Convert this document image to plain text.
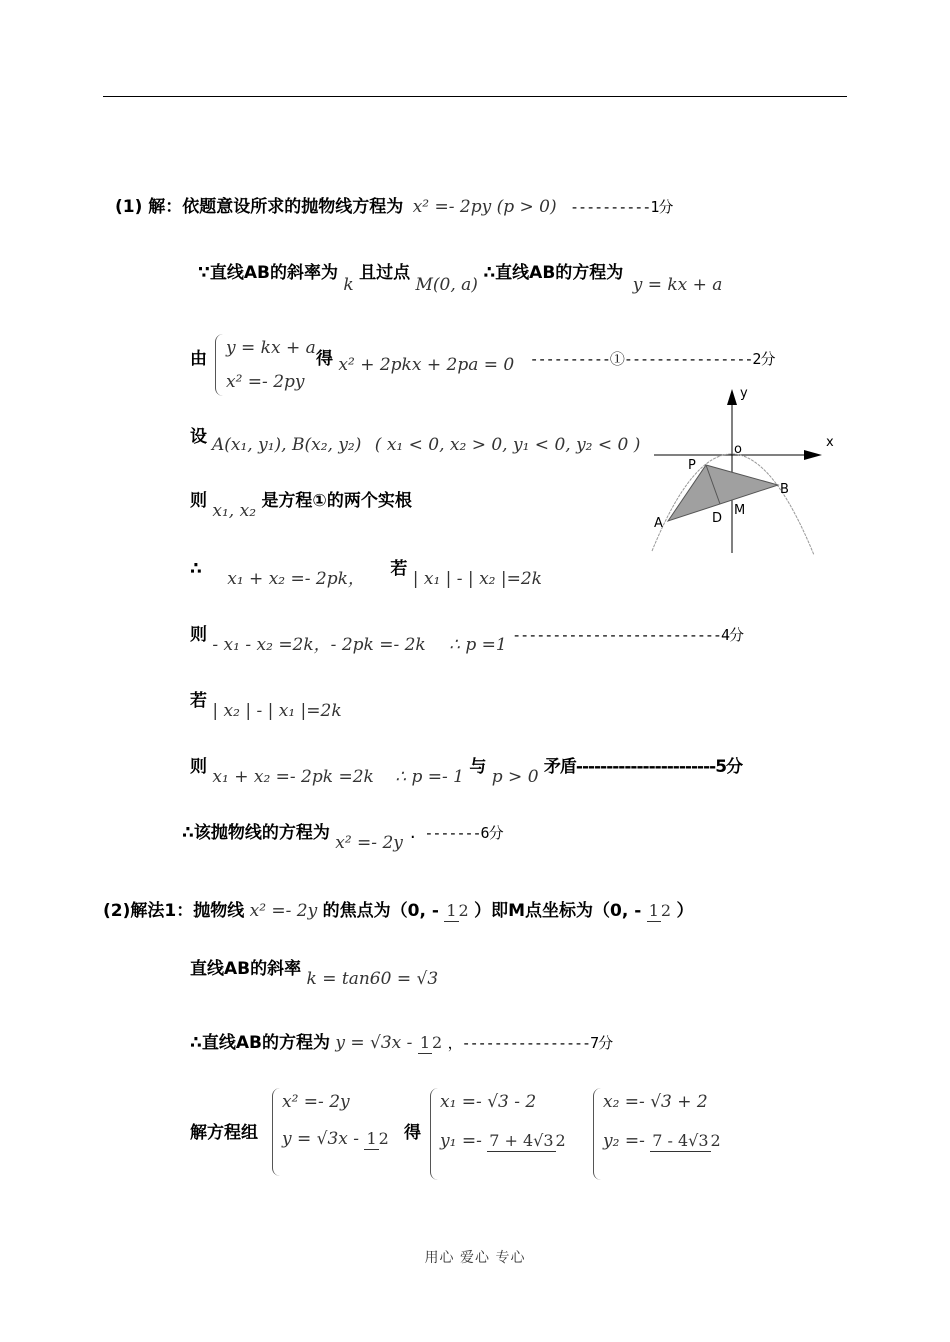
(1) 解：依题意设所求的抛物线方程为 x² =- 2py (p > 0) ----------1分
∵直线AB的斜率为 k 且过点 M(0, a) ∴直线AB的方程为 y = kx + a
由
y = kx + a
x² =- 2py
得 x² + 2pkx + 2pa = 0 ----------①----------------2分
设 A(x₁, y₁), B(x₂, y₂) ( x₁ < 0, x₂ > 0, y₁ < 0, y₂ < 0 )
则 x₁, x₂ 是方程①的两个实根
∴ x₁ + x₂ =- 2pk， 若 | x₁ | - | x₂ |=2k
则 - x₁ - x₂ =2k，- 2pk =- 2k ∴ p =1 --------------------------4分
若 | x₂ | - | x₁ |=2k
则 x₁ + x₂ =- 2pk =2k ∴ p =- 1 与 p > 0 矛盾-----------------------5分
∴该抛物线的方程为 x² =- 2y . -------6分
y
x
o
P
B
A	D
M
(2)解法1：抛物线 x² =- 2y 的焦点为（0, - 1 2 ）即M点坐标为（0, - 1 2 ）
直线AB的斜率 k = tan60 = √3
∴直线AB的方程为 y = √3x - 1 2 ，----------------7分
解方程组
x² =- 2y
y = √3x - 1 2 得
x₁ =- √3 - 2
y₁ =- 7 + 4√3 2
x₂ =- √3 + 2
y₂ =- 7 - 4√3 2
用心 爱心 专心
